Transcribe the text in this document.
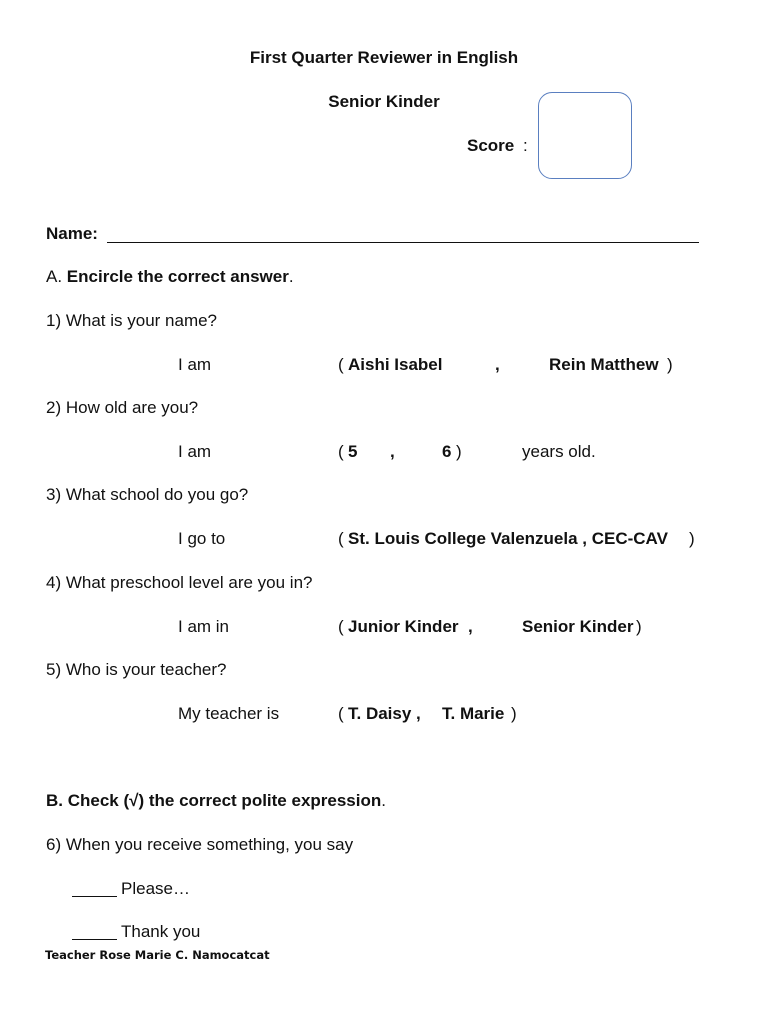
First Quarter Reviewer in English
Senior Kinder
Score :
Name:
A. Encircle the correct answer.
1) What is your name?
I am	( Aishi Isabel	,	Rein Matthew )
2) How old are you?
I am	( 5 ,	6 )	years old.
3) What school do you go?
I go to	( St. Louis College Valenzuela , CEC-CAV )
4) What preschool level are you in?
I am in	( Junior Kinder ,	Senior Kinder )
5) Who is your teacher?
My teacher is	( T. Daisy , T. Marie )
B. Check (√) the correct polite expression.
6) When you receive something, you say
Please…
Thank you
Teacher Rose Marie C. Namocatcat
